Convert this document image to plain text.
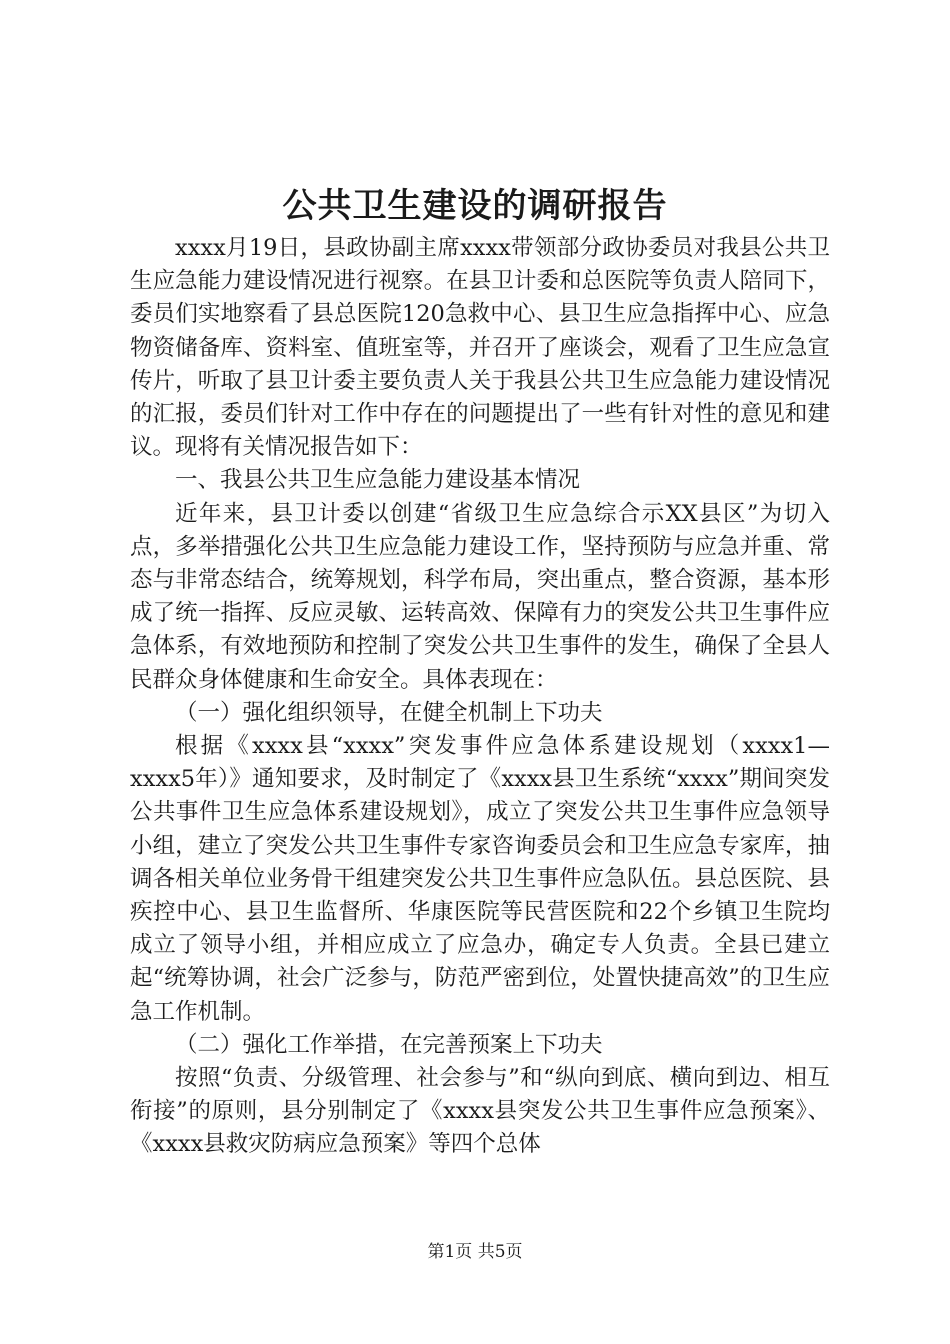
公共卫生建设的调研报告

xxxx月19日，县政协副主席xxxx带领部分政协委员对我县公共卫生应急能力建设情况进行视察。在县卫计委和总医院等负责人陪同下，委员们实地察看了县总医院120急救中心、县卫生应急指挥中心、应急物资储备库、资料室、值班室等，并召开了座谈会，观看了卫生应急宣传片，听取了县卫计委主要负责人关于我县公共卫生应急能力建设情况的汇报，委员们针对工作中存在的问题提出了一些有针对性的意见和建议。现将有关情况报告如下：

一、我县公共卫生应急能力建设基本情况

近年来，县卫计委以创建“省级卫生应急综合示XX县区”为切入点，多举措强化公共卫生应急能力建设工作，坚持预防与应急并重、常态与非常态结合，统筹规划，科学布局，突出重点，整合资源，基本形成了统一指挥、反应灵敏、运转高效、保障有力的突发公共卫生事件应急体系，有效地预防和控制了突发公共卫生事件的发生，确保了全县人民群众身体健康和生命安全。具体表现在：

（一）强化组织领导，在健全机制上下功夫

根据《xxxx县“xxxx”突发事件应急体系建设规划（xxxx1—xxxx5年）》通知要求，及时制定了《xxxx县卫生系统“xxxx”期间突发公共事件卫生应急体系建设规划》，成立了突发公共卫生事件应急领导小组，建立了突发公共卫生事件专家咨询委员会和卫生应急专家库，抽调各相关单位业务骨干组建突发公共卫生事件应急队伍。县总医院、县疾控中心、县卫生监督所、华康医院等民营医院和22个乡镇卫生院均成立了领导小组，并相应成立了应急办，确定专人负责。全县已建立起“统筹协调，社会广泛参与，防范严密到位，处置快捷高效”的卫生应急工作机制。

（二）强化工作举措，在完善预案上下功夫

按照“负责、分级管理、社会参与”和“纵向到底、横向到边、相互衔接”的原则，县分别制定了《xxxx县突发公共卫生事件应急预案》、《xxxx县救灾防病应急预案》等四个总体

第1页 共5页
